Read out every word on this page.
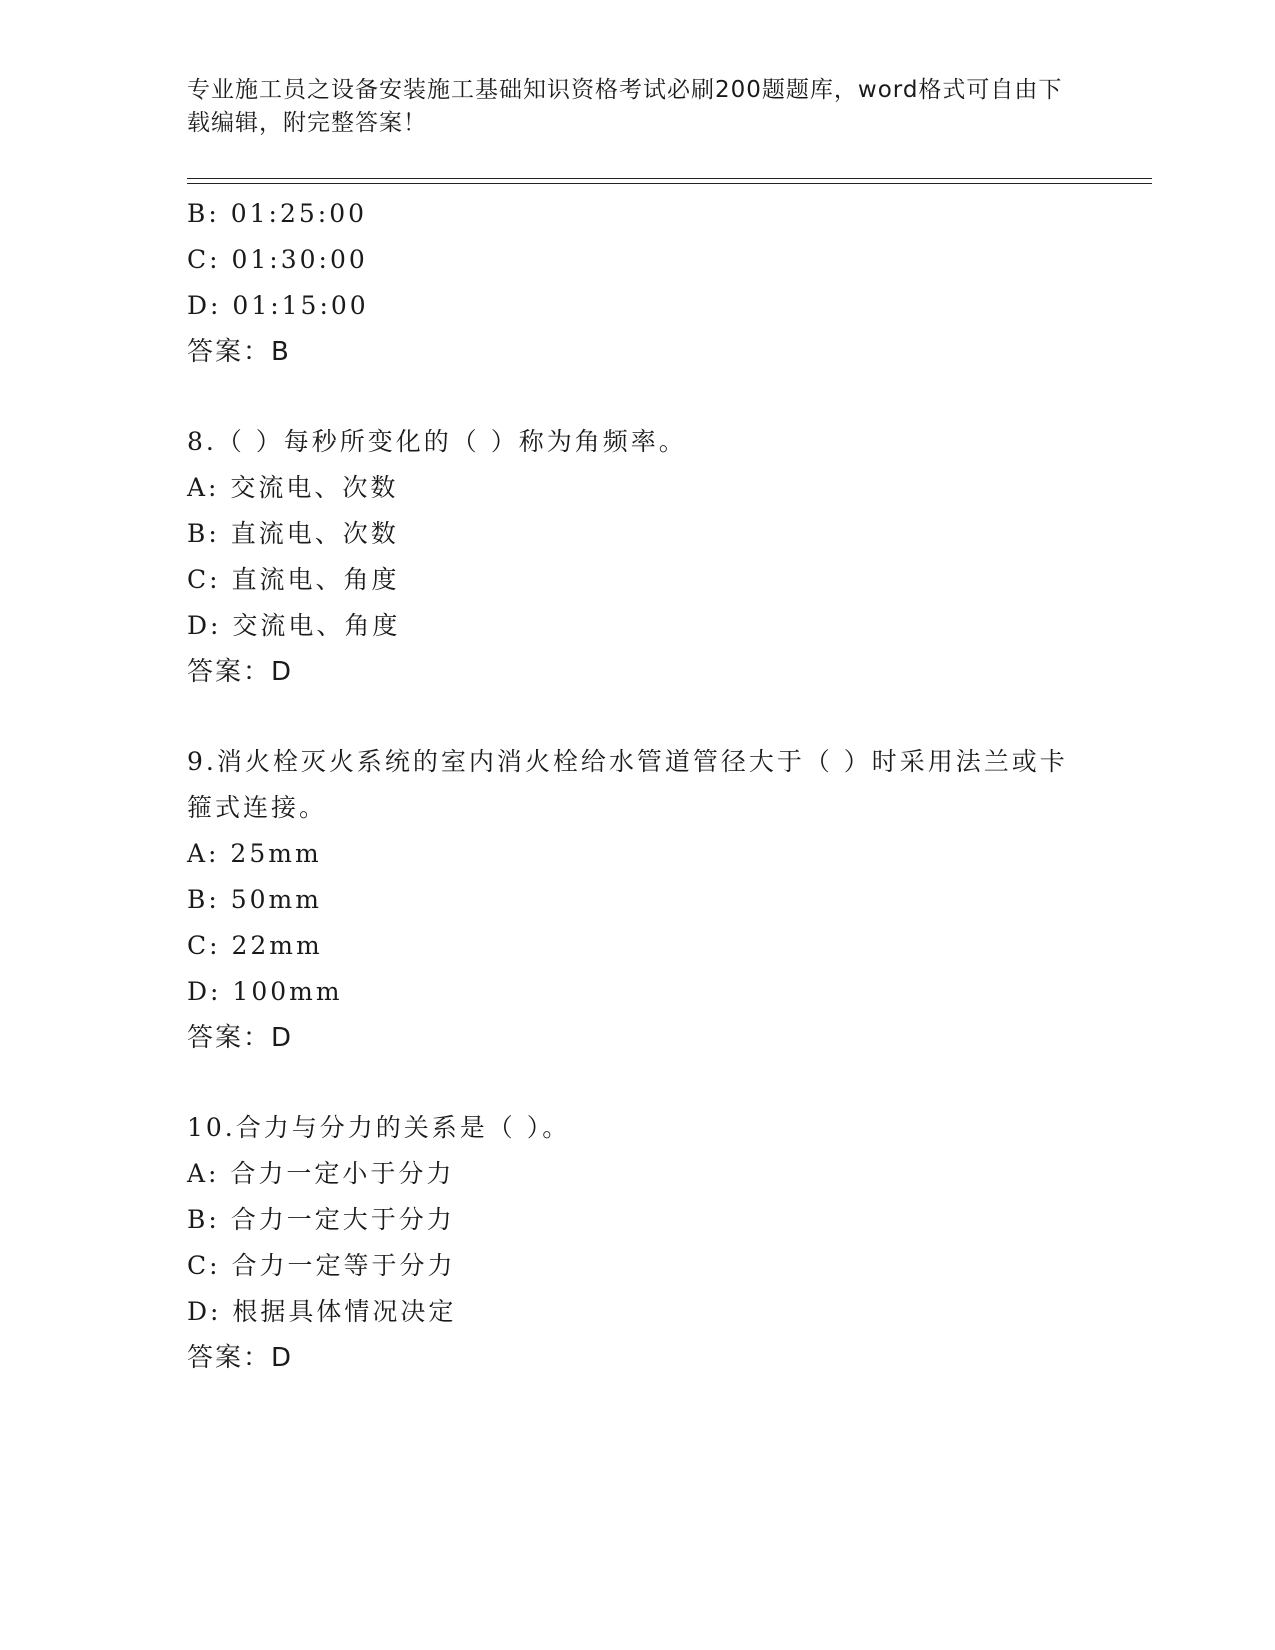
专业施工员之设备安装施工基础知识资格考试必刷200题题库，word格式可自由下载编辑，附完整答案！
B: 01:25:00
C: 01:30:00
D: 01:15:00
答案：B
8.（ ）每秒所变化的（ ）称为角频率。
A: 交流电、次数
B: 直流电、次数
C: 直流电、角度
D: 交流电、角度
答案：D
9.消火栓灭火系统的室内消火栓给水管道管径大于（ ）时采用法兰或卡箍式连接。
A: 25mm
B: 50mm
C: 22mm
D: 100mm
答案：D
10.合力与分力的关系是（ ）。
A: 合力一定小于分力
B: 合力一定大于分力
C: 合力一定等于分力
D: 根据具体情况决定
答案：D
